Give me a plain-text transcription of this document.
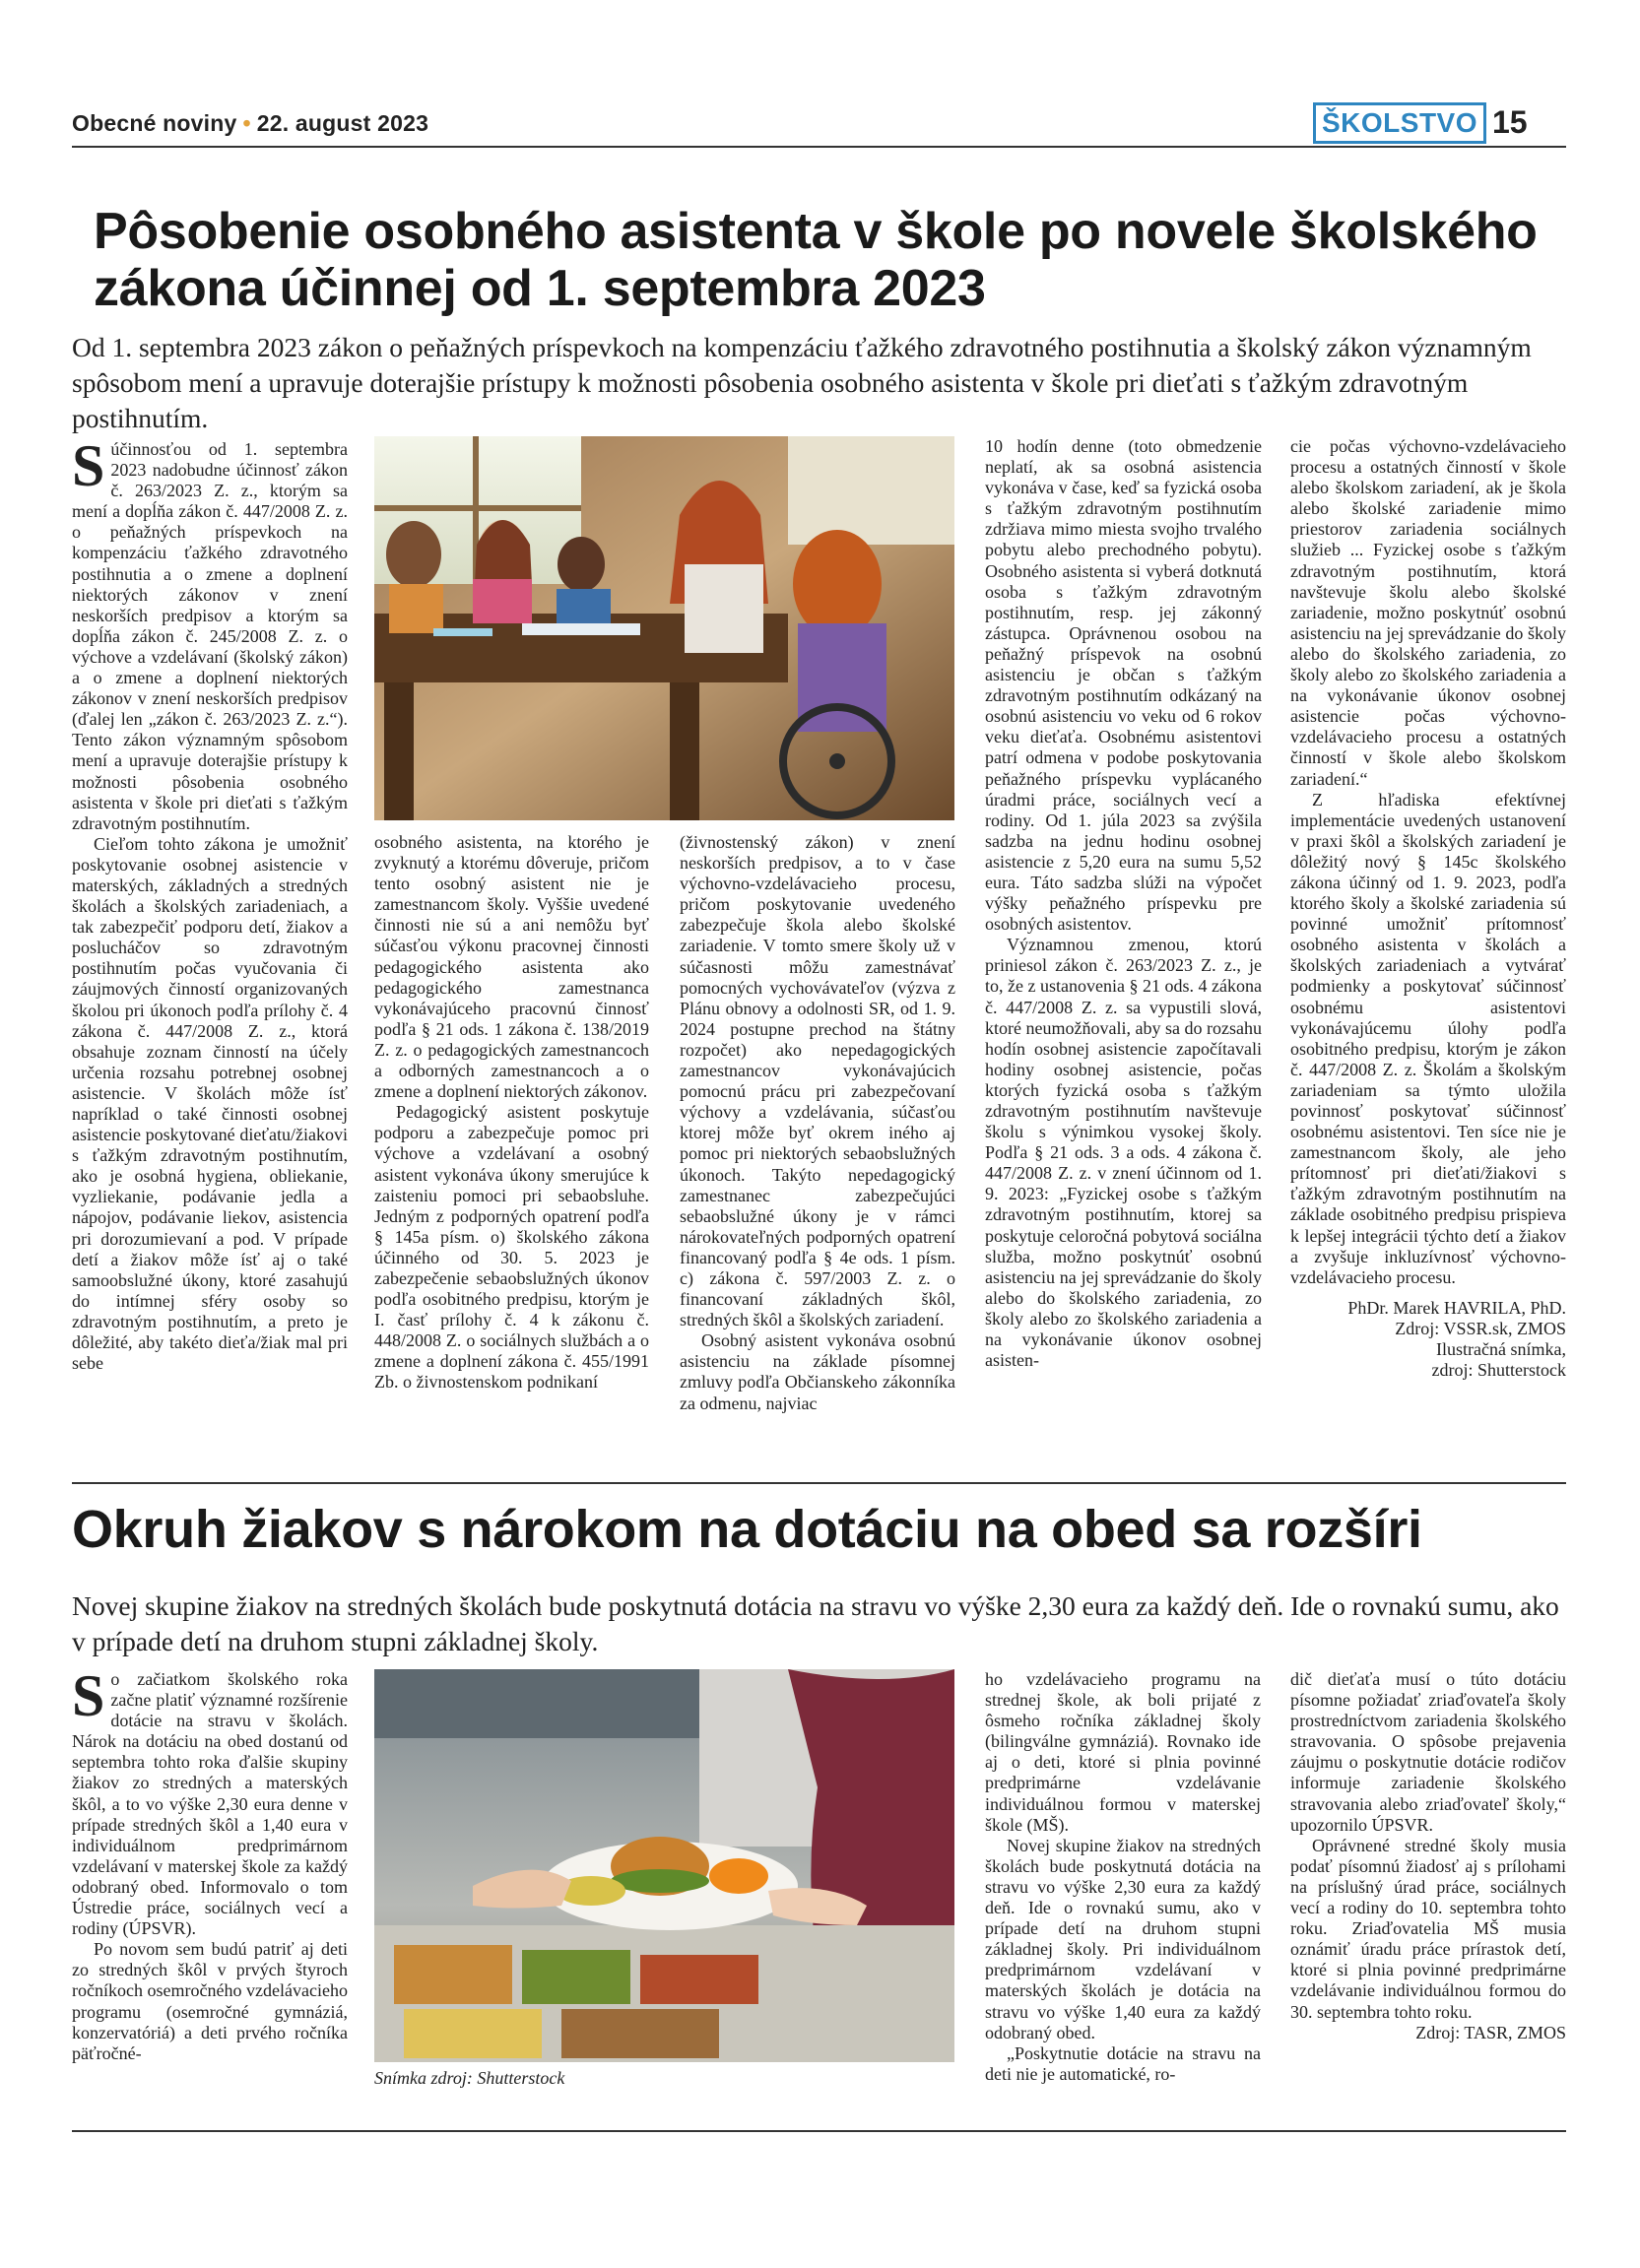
Obecné noviny • 22. august 2023	ŠKOLSTVO 15
Pôsobenie osobného asistenta v škole po novele školského zákona účinnej od 1. septembra 2023
Od 1. septembra 2023 zákon o peňažných príspevkoch na kompenzáciu ťažkého zdravotného postihnutia a školský zákon významným spôsobom mení a upravuje doterajšie prístupy k možnosti pôsobenia osobného asistenta v škole pri dieťati s ťažkým zdravotným postihnutím.

Súčinnosťou od 1. septembra 2023 nadobudne účinnosť zákon č. 263/2023 Z. z., ktorým sa mení a dopĺňa zákon č. 447/2008 Z. z. o peňažných príspevkoch na kompenzáciu ťažkého zdravotného postihnutia a o zmene a doplnení niektorých zákonov v znení neskorších predpisov a ktorým sa dopĺňa zákon č. 245/2008 Z. z. o výchove a vzdelávaní (školský zákon) a o zmene a doplnení niektorých zákonov v znení neskorších predpisov (ďalej len „zákon č. 263/2023 Z. z.“). Tento zákon významným spôsobom mení a upravuje doterajšie prístupy k možnosti pôsobenia osobného asistenta v škole pri dieťati s ťažkým zdravotným postihnutím.

Cieľom tohto zákona je umožniť poskytovanie osobnej asistencie v materských, základných a stredných školách a školských zariadeniach, a tak zabezpečiť podporu detí, žiakov a poslucháčov so zdravotným postihnutím počas vyučovania či záujmových činností organizovaných školou pri úkonoch podľa prílohy č. 4 zákona č. 447/2008 Z. z., ktorá obsahuje zoznam činností na účely určenia rozsahu potrebnej osobnej asistencie. V školách môže ísť napríklad o také činnosti osobnej asistencie poskytované dieťatu/žiakovi s ťažkým zdravotným postihnutím, ako je osobná hygiena, obliekanie, vyzliekanie, podávanie jedla a nápojov, podávanie liekov, asistencia pri dorozumievaní a pod. V prípade detí a žiakov môže ísť aj o také samoobslužné úkony, ktoré zasahujú do intímnej sféry osoby so zdravotným postihnutím, a preto je dôležité, aby takéto dieťa/žiak mal pri sebe

osobného asistenta, na ktorého je zvyknutý a ktorému dôveruje, pričom tento osobný asistent nie je zamestnancom školy. Vyššie uvedené činnosti nie sú a ani nemôžu byť súčasťou výkonu pracovnej činnosti pedagogického asistenta ako pedagogického zamestnanca vykonávajúceho pracovnú činnosť podľa § 21 ods. 1 zákona č. 138/2019 Z. z. o pedagogických zamestnancoch a odborných zamestnancoch a o zmene a doplnení niektorých zákonov.

Pedagogický asistent poskytuje podporu a zabezpečuje pomoc pri výchove a vzdelávaní a osobný asistent vykonáva úkony smerujúce k zaisteniu pomoci pri sebaobsluhe. Jedným z podporných opatrení podľa § 145a písm. o) školského zákona účinného od 30. 5. 2023 je zabezpečenie sebaobslužných úkonov podľa osobitného predpisu, ktorým je I. časť prílohy č. 4 k zákonu č. 448/2008 Z. o sociálnych službách a o zmene a doplnení zákona č. 455/1991 Zb. o živnostenskom podnikaní

(živnostenský zákon) v znení neskorších predpisov, a to v čase výchovno-vzdelávacieho procesu, pričom poskytovanie uvedeného zabezpečuje škola alebo školské zariadenie. V tomto smere školy už v súčasnosti môžu zamestnávať pomocných vychovávateľov (výzva z Plánu obnovy a odolnosti SR, od 1. 9. 2024 postupne prechod na štátny rozpočet) ako nepedagogických zamestnancov vykonávajúcich pomocnú prácu pri zabezpečovaní výchovy a vzdelávania, súčasťou ktorej môže byť okrem iného aj pomoc pri niektorých sebaobslužných úkonoch. Takýto nepedagogický zamestnanec zabezpečujúci sebaobslužné úkony je v rámci nárokovateľných podporných opatrení financovaný podľa § 4e ods. 1 písm. c) zákona č. 597/2003 Z. z. o financovaní základných škôl, stredných škôl a školských zariadení.

Osobný asistent vykonáva osobnú asistenciu na základe písomnej zmluvy podľa Občianskeho zákonníka za odmenu, najviac

10 hodín denne (toto obmedzenie neplatí, ak sa osobná asistencia vykonáva v čase, keď sa fyzická osoba s ťažkým zdravotným postihnutím zdržiava mimo miesta svojho trvalého pobytu alebo prechodného pobytu). Osobného asistenta si vyberá dotknutá osoba s ťažkým zdravotným postihnutím, resp. jej zákonný zástupca. Oprávnenou osobou na peňažný príspevok na osobnú asistenciu je občan s ťažkým zdravotným postihnutím odkázaný na osobnú asistenciu vo veku od 6 rokov veku dieťaťa. Osobnému asistentovi patrí odmena v podobe poskytovania peňažného príspevku vyplácaného úradmi práce, sociálnych vecí a rodiny. Od 1. júla 2023 sa zvýšila sadzba na jednu hodinu osobnej asistencie z 5,20 eura na sumu 5,52 eura. Táto sadzba slúži na výpočet výšky peňažného príspevku pre osobných asistentov.

Významnou zmenou, ktorú priniesol zákon č. 263/2023 Z. z., je to, že z ustanovenia § 21 ods. 4 zákona č. 447/2008 Z. z. sa vypustili slová, ktoré neumožňovali, aby sa do rozsahu hodín osobnej asistencie započítavali hodiny osobnej asistencie, počas ktorých fyzická osoba s ťažkým zdravotným postihnutím navštevuje školu s výnimkou vysokej školy. Podľa § 21 ods. 3 a ods. 4 zákona č. 447/2008 Z. z. v znení účinnom od 1. 9. 2023: „Fyzickej osobe s ťažkým zdravotným postihnutím, ktorej sa poskytuje celoročná pobytová sociálna služba, možno poskytnúť osobnú asistenciu na jej sprevádzanie do školy alebo do školského zariadenia, zo školy alebo zo školského zariadenia a na vykonávanie úkonov osobnej asisten-

cie počas výchovno-vzdelávacieho procesu a ostatných činností v škole alebo školskom zariadení, ak je škola alebo školské zariadenie mimo priestorov zariadenia sociálnych služieb ... Fyzickej osobe s ťažkým zdravotným postihnutím, ktorá navštevuje školu alebo školské zariadenie, možno poskytnúť osobnú asistenciu na jej sprevádzanie do školy alebo do školského zariadenia, zo školy alebo zo školského zariadenia a na vykonávanie úkonov osobnej asistencie počas výchovno-vzdelávacieho procesu a ostatných činností v škole alebo školskom zariadení.“

Z hľadiska efektívnej implementácie uvedených ustanovení v praxi škôl a školských zariadení je dôležitý nový § 145c školského zákona účinný od 1. 9. 2023, podľa ktorého školy a školské zariadenia sú povinné umožniť prítomnosť osobného asistenta v školách a školských zariadeniach a vytvárať podmienky a poskytovať súčinnosť osobnému asistentovi vykonávajúcemu úlohy podľa osobitného predpisu, ktorým je zákon č. 447/2008 Z. z. Školám a školským zariadeniam sa týmto uložila povinnosť poskytovať súčinnosť osobnému asistentovi. Ten síce nie je zamestnancom školy, ale jeho prítomnosť pri dieťati/žiakovi s ťažkým zdravotným postihnutím na základe osobitného predpisu prispieva k lepšej integrácii týchto detí a žiakov a zvyšuje inkluzívnosť výchovno-vzdelávacieho procesu.

PhDr. Marek HAVRILA, PhD.

Zdroj: VSSR.sk, ZMOS

Ilustračná snímka,

zdroj: Shutterstock

Okruh žiakov s nárokom na dotáciu na obed sa rozšíri
Novej skupine žiakov na stredných školách bude poskytnutá dotácia na stravu vo výške 2,30 eura za každý deň. Ide o rovnakú sumu, ako v prípade detí na druhom stupni základnej školy.

So začiatkom školského roka začne platiť významné rozšírenie dotácie na stravu v školách. Nárok na dotáciu na obed dostanú od septembra tohto roka ďalšie skupiny žiakov zo stredných a materských škôl, a to vo výške 2,30 eura denne v prípade stredných škôl a 1,40 eura v individuálnom predprimárnom vzdelávaní v materskej škole za každý odobraný obed. Informovalo o tom Ústredie práce, sociálnych vecí a rodiny (ÚPSVR).

Po novom sem budú patriť aj deti zo stredných škôl v prvých štyroch ročníkoch osemročného vzdelávacieho programu (osemročné gymnáziá, konzervatóriá) a deti prvého ročníka päťročné-

Snímka zdroj: Shutterstock

ho vzdelávacieho programu na strednej škole, ak boli prijaté z ôsmeho ročníka základnej školy (bilingválne gymnáziá). Rovnako ide aj o deti, ktoré si plnia povinné predprimárne vzdelávanie individuálnou formou v materskej škole (MŠ).

Novej skupine žiakov na stredných školách bude poskytnutá dotácia na stravu vo výške 2,30 eura za každý deň. Ide o rovnakú sumu, ako v prípade detí na druhom stupni základnej školy. Pri individuálnom predprimárnom vzdelávaní v materských školách je dotácia na stravu vo výške 1,40 eura za každý odobraný obed.

„Poskytnutie dotácie na stravu na deti nie je automatické, ro-

dič dieťaťa musí o túto dotáciu písomne požiadať zriaďovateľa školy prostredníctvom zariadenia školského stravovania. O spôsobe prejavenia záujmu o poskytnutie dotácie rodičov informuje zariadenie školského stravovania alebo zriaďovateľ školy,“ upozornilo ÚPSVR.

Oprávnené stredné školy musia podať písomnú žiadosť aj s prílohami na príslušný úrad práce, sociálnych vecí a rodiny do 10. septembra tohto roku. Zriaďovatelia MŠ musia oznámiť úradu práce prírastok detí, ktoré si plnia povinné predprimárne vzdelávanie individuálnou formou do 30. septembra tohto roku.

Zdroj: TASR, ZMOS
